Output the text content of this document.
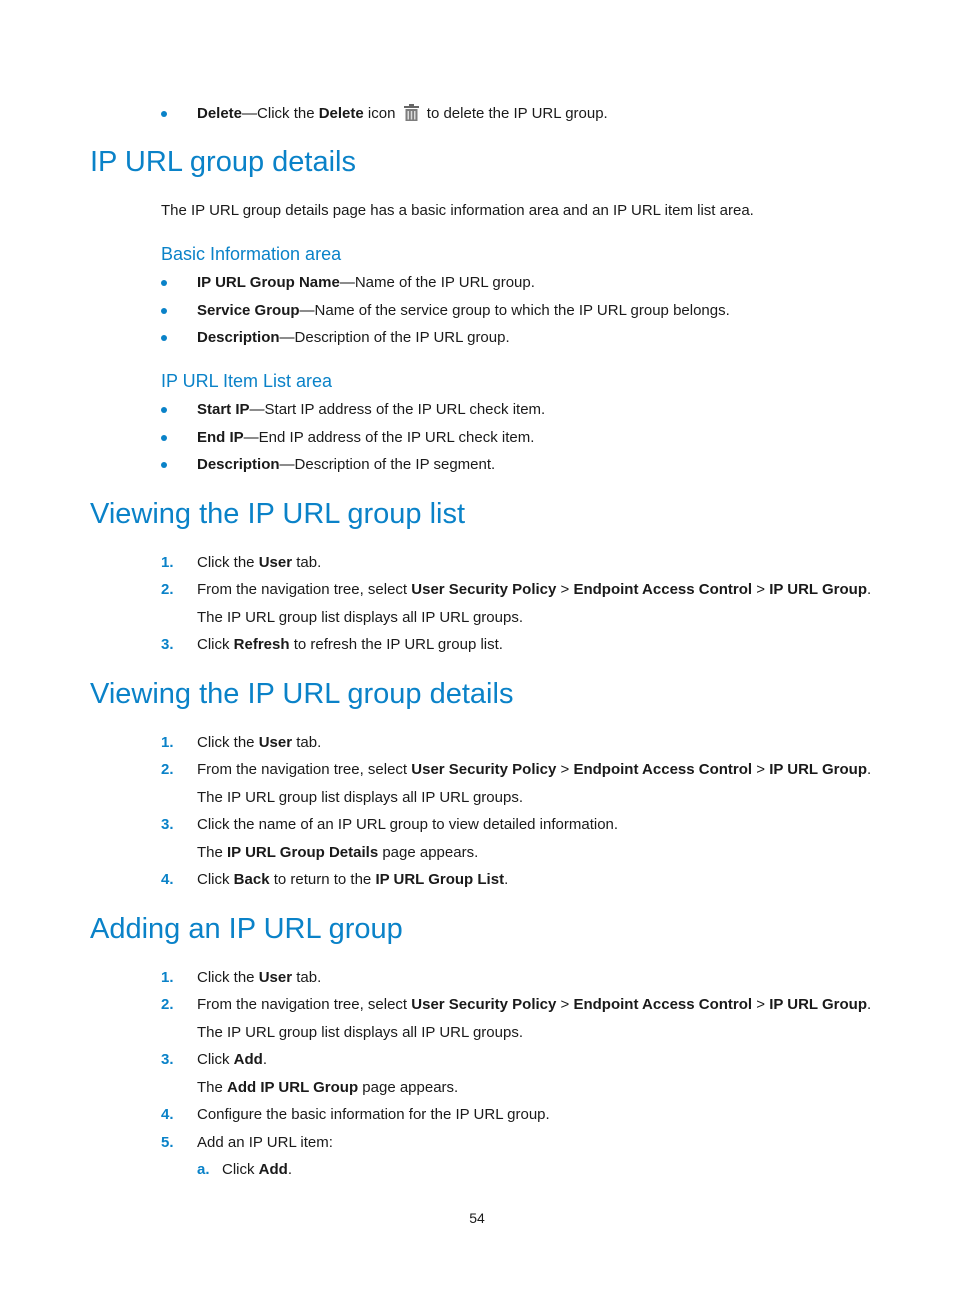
Delete—Click the Delete icon  to delete the IP URL group.
IP URL group details
The IP URL group details page has a basic information area and an IP URL item list area.
Basic Information area
IP URL Group Name—Name of the IP URL group.
Service Group—Name of the service group to which the IP URL group belongs.
Description—Description of the IP URL group.
IP URL Item List area
Start IP—Start IP address of the IP URL check item.
End IP—End IP address of the IP URL check item.
Description—Description of the IP segment.
Viewing the IP URL group list
1.	Click the User tab.
2.	From the navigation tree, select User Security Policy > Endpoint Access Control > IP URL Group.
The IP URL group list displays all IP URL groups.
3.	Click Refresh to refresh the IP URL group list.
Viewing the IP URL group details
1.	Click the User tab.
2.	From the navigation tree, select User Security Policy > Endpoint Access Control > IP URL Group.
The IP URL group list displays all IP URL groups.
3.	Click the name of an IP URL group to view detailed information.
The IP URL Group Details page appears.
4.	Click Back to return to the IP URL Group List.
Adding an IP URL group
1.	Click the User tab.
2.	From the navigation tree, select User Security Policy > Endpoint Access Control > IP URL Group.
The IP URL group list displays all IP URL groups.
3.	Click Add.
The Add IP URL Group page appears.
4.	Configure the basic information for the IP URL group.
5.	Add an IP URL item:
a. Click Add.
54
